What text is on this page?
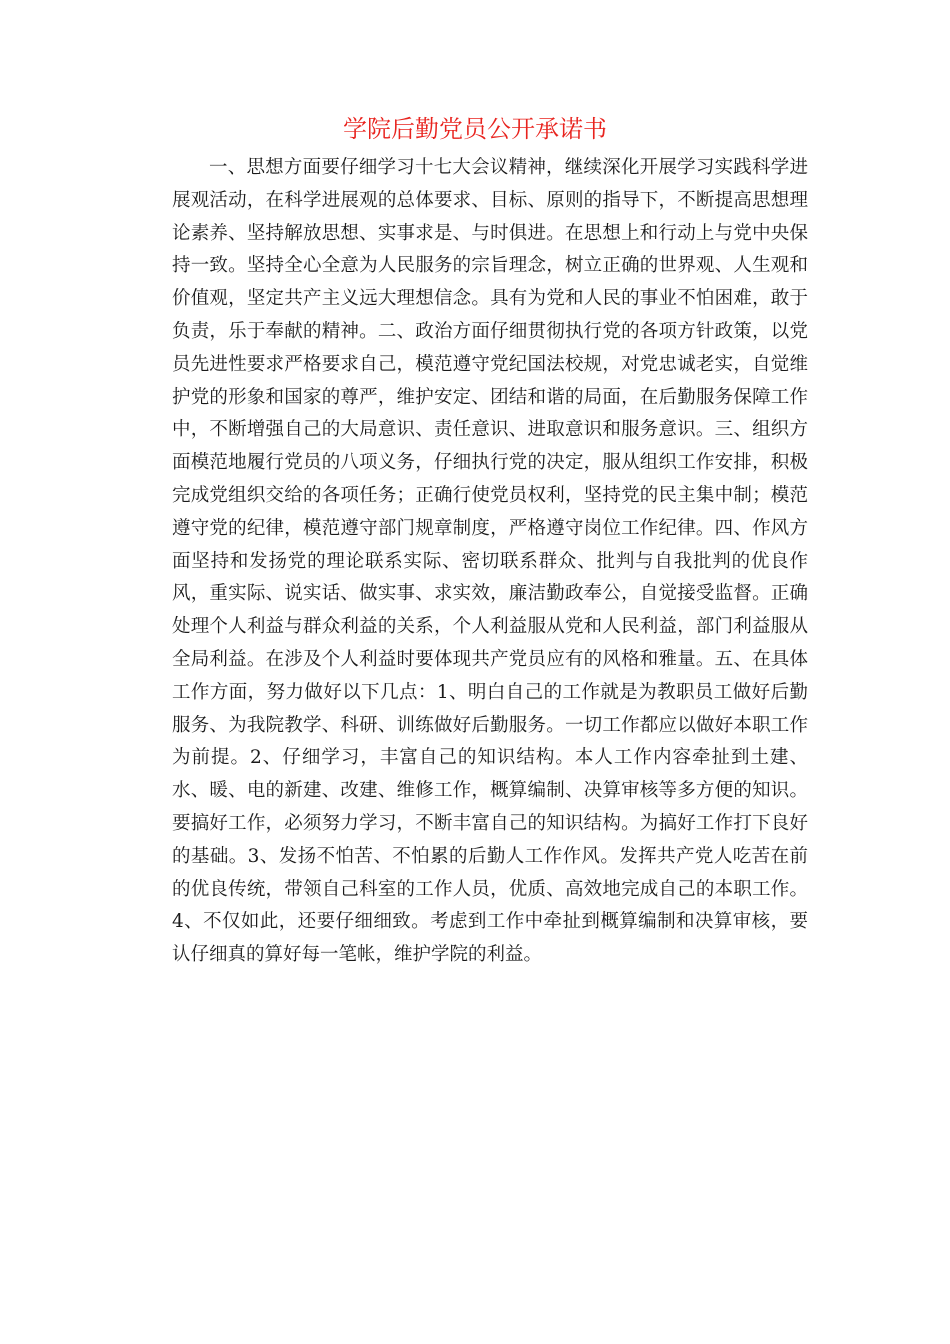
学院后勤党员公开承诺书

一、思想方面要仔细学习十七大会议精神，继续深化开展学习实践科学进展观活动，在科学进展观的总体要求、目标、原则的指导下，不断提高思想理论素养、坚持解放思想、实事求是、与时俱进。在思想上和行动上与党中央保持一致。坚持全心全意为人民服务的宗旨理念，树立正确的世界观、人生观和价值观，坚定共产主义远大理想信念。具有为党和人民的事业不怕困难，敢于负责，乐于奉献的精神。二、政治方面仔细贯彻执行党的各项方针政策，以党员先进性要求严格要求自己，模范遵守党纪国法校规，对党忠诚老实，自觉维护党的形象和国家的尊严，维护安定、团结和谐的局面，在后勤服务保障工作中，不断增强自己的大局意识、责任意识、进取意识和服务意识。三、组织方面模范地履行党员的八项义务，仔细执行党的决定，服从组织工作安排，积极完成党组织交给的各项任务；正确行使党员权利，坚持党的民主集中制；模范遵守党的纪律，模范遵守部门规章制度，严格遵守岗位工作纪律。四、作风方面坚持和发扬党的理论联系实际、密切联系群众、批判与自我批判的优良作风，重实际、说实话、做实事、求实效，廉洁勤政奉公，自觉接受监督。正确处理个人利益与群众利益的关系，个人利益服从党和人民利益，部门利益服从全局利益。在涉及个人利益时要体现共产党员应有的风格和雅量。五、在具体工作方面，努力做好以下几点：1、明白自己的工作就是为教职员工做好后勤服务、为我院教学、科研、训练做好后勤服务。一切工作都应以做好本职工作为前提。2、仔细学习，丰富自己的知识结构。本人工作内容牵扯到土建、水、暖、电的新建、改建、维修工作，概算编制、决算审核等多方便的知识。要搞好工作，必须努力学习，不断丰富自己的知识结构。为搞好工作打下良好的基础。3、发扬不怕苦、不怕累的后勤人工作作风。发挥共产党人吃苦在前的优良传统，带领自己科室的工作人员，优质、高效地完成自己的本职工作。4、不仅如此，还要仔细细致。考虑到工作中牵扯到概算编制和决算审核，要认仔细真的算好每一笔帐，维护学院的利益。
